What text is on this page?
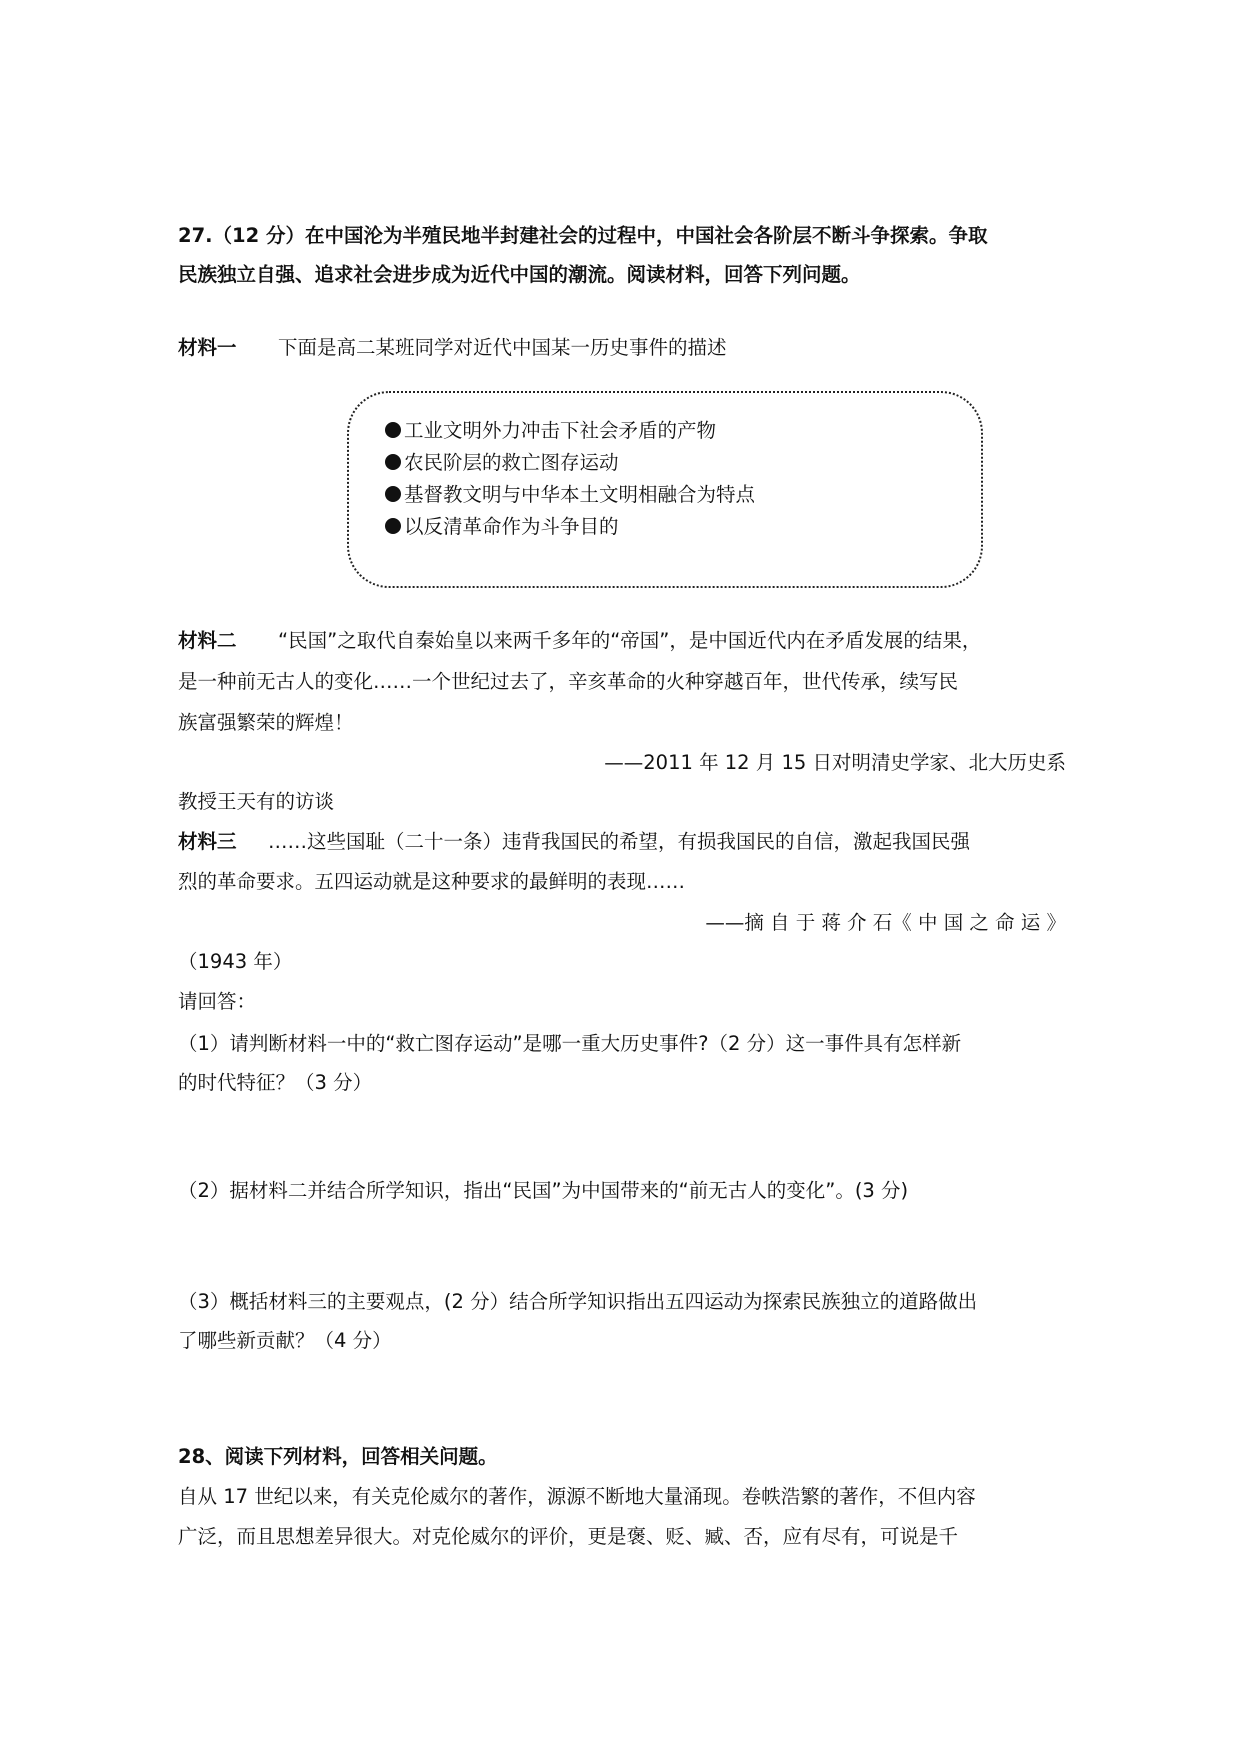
27.（12 分）在中国沦为半殖民地半封建社会的过程中，中国社会各阶层不断斗争探索。争取
民族独立自强、追求社会进步成为近代中国的潮流。阅读材料，回答下列问题。
材料一 下面是高二某班同学对近代中国某一历史事件的描述
工业文明外力冲击下社会矛盾的产物
农民阶层的救亡图存运动
基督教文明与中华本土文明相融合为特点
以反清革命作为斗争目的
材料二 “民国”之取代自秦始皇以来两千多年的“帝国”，是中国近代内在矛盾发展的结果，
是一种前无古人的变化……一个世纪过去了，辛亥革命的火种穿越百年，世代传承，续写民
族富强繁荣的辉煌！
——2011 年 12 月 15 日对明清史学家、北大历史系
教授王天有的访谈
材料三 ……这些国耻（二十一条）违背我国民的希望，有损我国民的自信，激起我国民强
烈的革命要求。五四运动就是这种要求的最鲜明的表现……
——摘 自 于 蒋 介 石《 中 国 之 命 运 》
（1943 年）
请回答：
（1）请判断材料一中的“救亡图存运动”是哪一重大历史事件?（2 分）这一事件具有怎样新
的时代特征？（3 分）
（2）据材料二并结合所学知识，指出“民国”为中国带来的“前无古人的变化”。(3 分)
（3）概括材料三的主要观点，(2 分）结合所学知识指出五四运动为探索民族独立的道路做出
了哪些新贡献？（4 分）
28、阅读下列材料，回答相关问题。
自从 17 世纪以来，有关克伦威尔的著作，源源不断地大量涌现。卷帙浩繁的著作，不但内容
广泛，而且思想差异很大。对克伦威尔的评价，更是褒、贬、臧、否，应有尽有，可说是千
